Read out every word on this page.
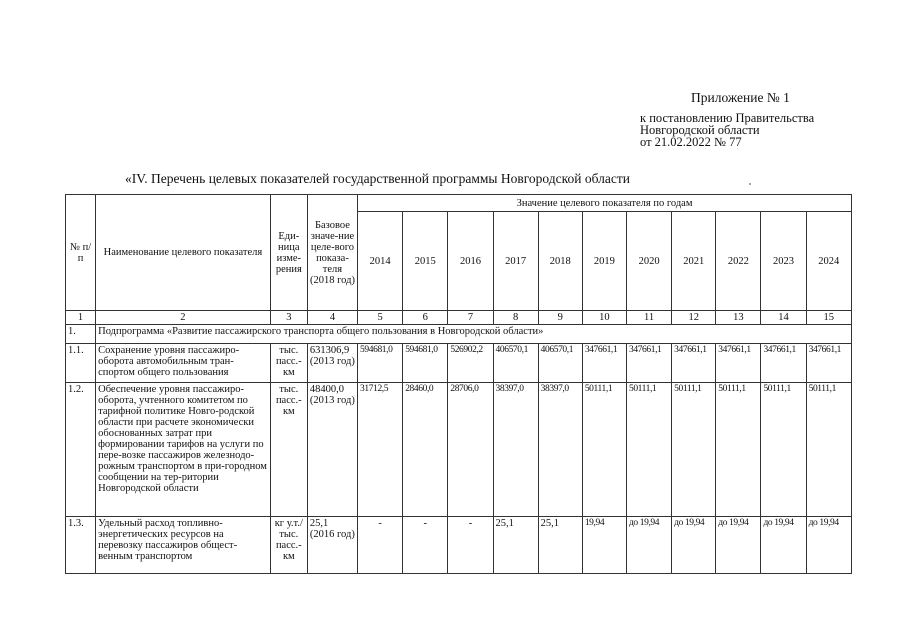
Приложение № 1
к постановлению Правительства
Новгородской области
от 21.02.2022 № 77
«IV. Перечень целевых показателей государственной программы Новгородской области
№ п/п	Наименование целевого показателя	Еди-ница изме-рения	Базовое значе-ние целе-вого показа-теля (2018 год)	Значение целевого показателя по годам										
				2014	2015	2016	2017	2018	2019	2020	2021	2022	2023	2024
1	2	3	4	5	6	7	8	9	10	11	12	13	14	15
1.	Подпрограмма «Развитие пассажирского транспорта общего пользования в Новгородской области»													
1.1.	Сохранение уровня пассажиро-оборота автомобильным тран-спортом общего пользования	тыс. пасс.-км	631306,9 (2013 год)	594681,0	594681,0	526902,2	406570,1	406570,1	347661,1	347661,1	347661,1	347661,1	347661,1	347661,1
1.2.	Обеспечение уровня пассажиро-оборота, учтенного комитетом по тарифной политике Новго-родской области при расчете экономически обоснованных затрат при формировании тарифов на услуги по пере-возке пассажиров железнодо-рожным транспортом в при-городном сообщении на тер-ритории Новгородской области	тыс. пасс.-км	48400,0 (2013 год)	31712,5	28460,0	28706,0	38397,0	38397,0	50111,1	50111,1	50111,1	50111,1	50111,1	50111,1
1.3.	Удельный расход топливно-энергетических ресурсов на перевозку пассажиров общест-венным транспортом	кг у.т./ тыс. пасс.-км	25,1 (2016 год)	-	-	-	25,1	25,1	19,94	до 19,94	до 19,94	до 19,94	до 19,94	до 19,94
